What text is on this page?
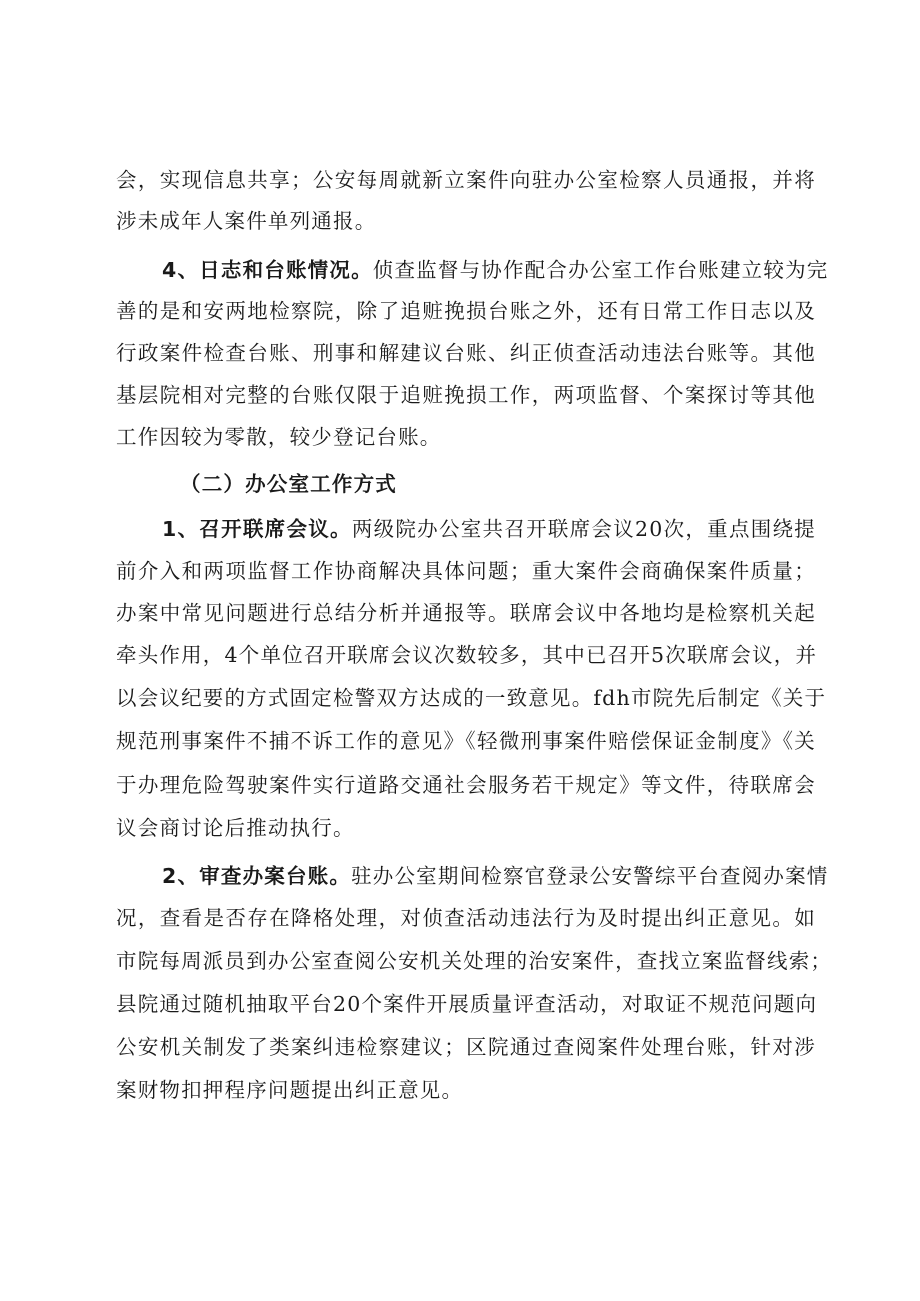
会，实现信息共享；公安每周就新立案件向驻办公室检察人员通报，并将
涉未成年人案件单列通报。
4、日志和台账情况。侦查监督与协作配合办公室工作台账建立较为完
善的是和安两地检察院，除了追赃挽损台账之外，还有日常工作日志以及
行政案件检查台账、刑事和解建议台账、纠正侦查活动违法台账等。其他
基层院相对完整的台账仅限于追赃挽损工作，两项监督、个案探讨等其他
工作因较为零散，较少登记台账。
（二）办公室工作方式
1、召开联席会议。两级院办公室共召开联席会议20次，重点围绕提
前介入和两项监督工作协商解决具体问题；重大案件会商确保案件质量；
办案中常见问题进行总结分析并通报等。联席会议中各地均是检察机关起
牵头作用，4个单位召开联席会议次数较多，其中已召开5次联席会议，并
以会议纪要的方式固定检警双方达成的一致意见。fdh市院先后制定《关于
规范刑事案件不捕不诉工作的意见》《轻微刑事案件赔偿保证金制度》《关
于办理危险驾驶案件实行道路交通社会服务若干规定》等文件，待联席会
议会商讨论后推动执行。
2、审查办案台账。驻办公室期间检察官登录公安警综平台查阅办案情
况，查看是否存在降格处理，对侦查活动违法行为及时提出纠正意见。如
市院每周派员到办公室查阅公安机关处理的治安案件，查找立案监督线索；
县院通过随机抽取平台20个案件开展质量评查活动，对取证不规范问题向
公安机关制发了类案纠违检察建议；区院通过查阅案件处理台账，针对涉
案财物扣押程序问题提出纠正意见。
